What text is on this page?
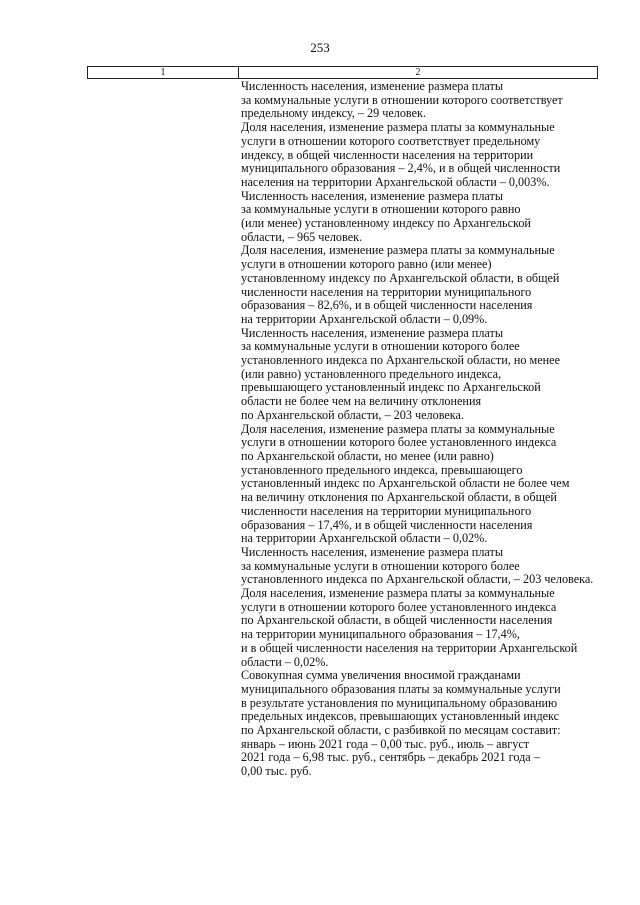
253
1	2
Численность населения, изменение размера платы
за коммунальные услуги в отношении которого соответствует
предельному индексу, – 29 человек.
Доля населения, изменение размера платы за коммунальные
услуги в отношении которого соответствует предельному
индексу, в общей численности населения на территории
муниципального образования – 2,4%, и в общей численности
населения на территории Архангельской области – 0,003%.
Численность населения, изменение размера платы
за коммунальные услуги в отношении которого равно
(или менее) установленному индексу по Архангельской
области, – 965 человек.
Доля населения, изменение размера платы за коммунальные
услуги в отношении которого равно (или менее)
установленному индексу по Архангельской области, в общей
численности населения на территории муниципального
образования – 82,6%, и в общей численности населения
на территории Архангельской области – 0,09%.
Численность населения, изменение размера платы
за коммунальные услуги в отношении которого более
установленного индекса по Архангельской области, но менее
(или равно) установленного предельного индекса,
превышающего установленный индекс по Архангельской
области не более чем на величину отклонения
по Архангельской области, – 203 человека.
Доля населения, изменение размера платы за коммунальные
услуги в отношении которого более установленного индекса
по Архангельской области, но менее (или равно)
установленного предельного индекса, превышающего
установленный индекс по Архангельской области не более чем
на величину отклонения по Архангельской области, в общей
численности населения на территории муниципального
образования – 17,4%, и в общей численности населения
на территории Архангельской области – 0,02%.
Численность населения, изменение размера платы
за коммунальные услуги в отношении которого более
установленного индекса по Архангельской области, – 203 человека.
Доля населения, изменение размера платы за коммунальные
услуги в отношении которого более установленного индекса
по Архангельской области, в общей численности населения
на территории муниципального образования – 17,4%,
и в общей численности населения на территории Архангельской
области – 0,02%.
Совокупная сумма увеличения вносимой гражданами
муниципального образования платы за коммунальные услуги
в результате установления по муниципальному образованию
предельных индексов, превышающих установленный индекс
по Архангельской области, с разбивкой по месяцам составит:
январь – июнь 2021 года – 0,00 тыс. руб., июль – август
2021 года – 6,98 тыс. руб., сентябрь – декабрь 2021 года –
0,00 тыс. руб.
